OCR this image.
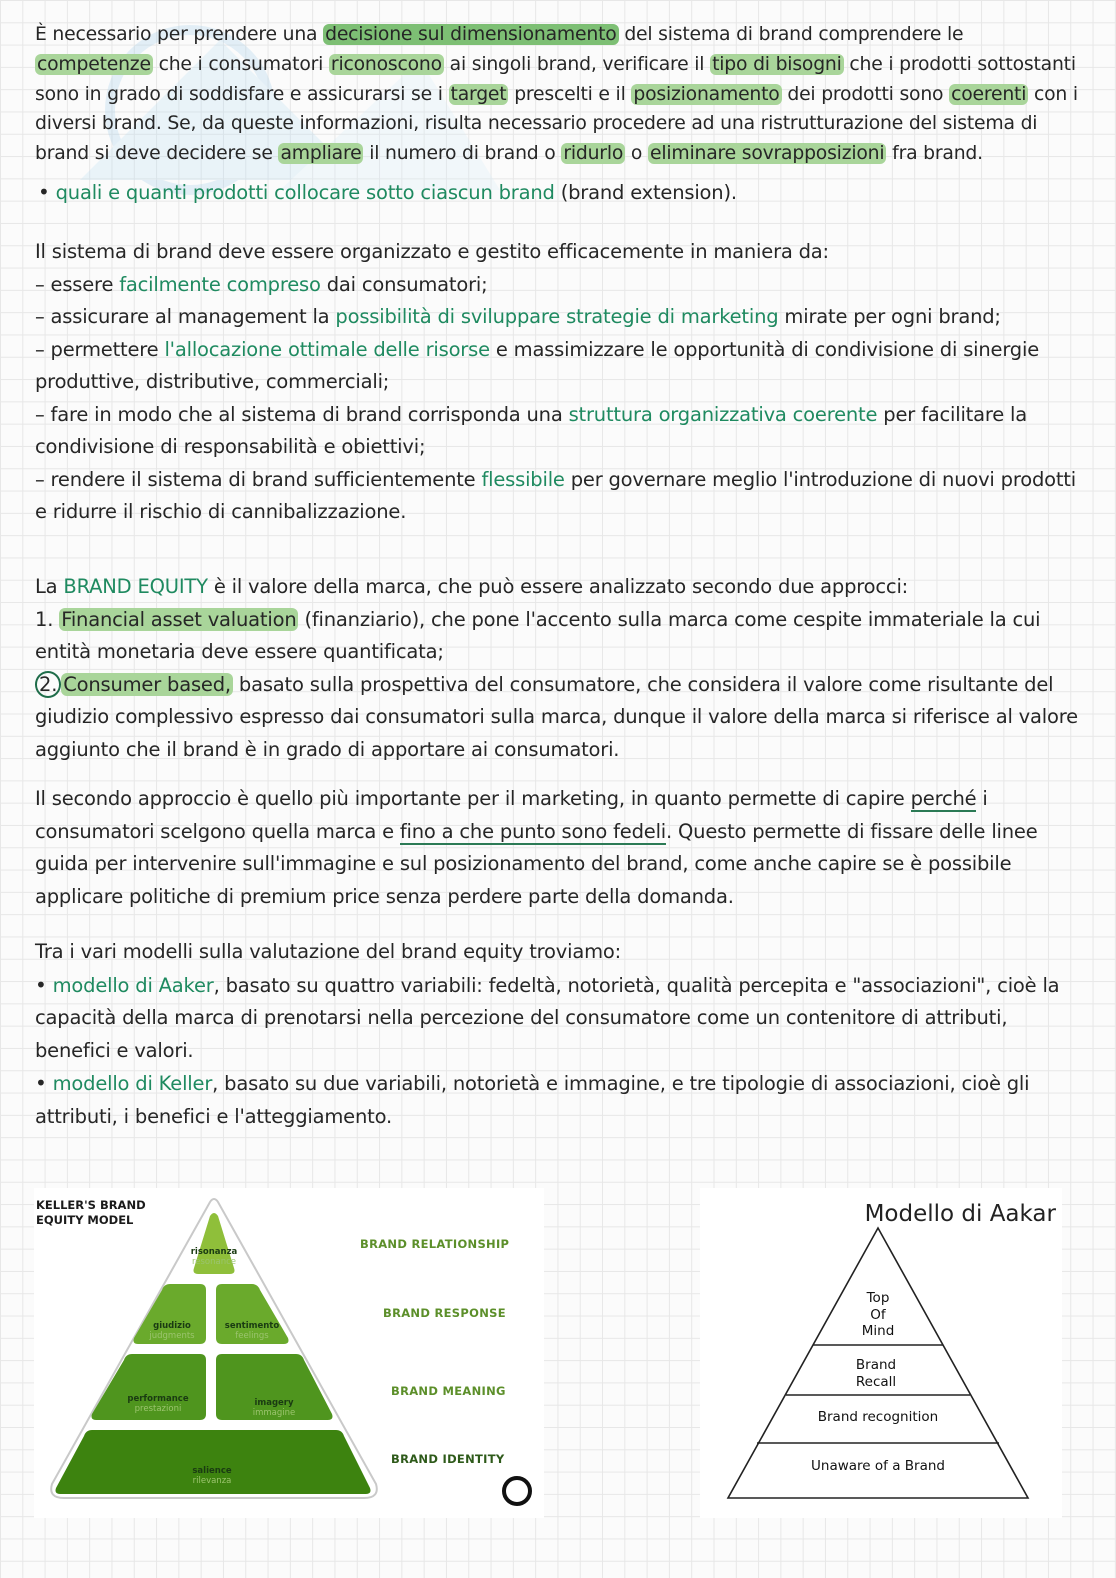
È necessario per prendere una decisione sul dimensionamento del sistema di brand comprendere le competenze che i consumatori riconoscono ai singoli brand, verificare il tipo di bisogni che i prodotti sottostanti sono in grado di soddisfare e assicurarsi se i target prescelti e il posizionamento dei prodotti sono coerenti con i diversi brand. Se, da queste informazioni, risulta necessario procedere ad una ristrutturazione del sistema di brand si deve decidere se ampliare il numero di brand o ridurlo o eliminare sovrapposizioni fra brand.

• quali e quanti prodotti collocare sotto ciascun brand (brand extension).

Il sistema di brand deve essere organizzato e gestito efficacemente in maniera da:

– essere facilmente compreso dai consumatori;

– assicurare al management la possibilità di sviluppare strategie di marketing mirate per ogni brand;

– permettere l'allocazione ottimale delle risorse e massimizzare le opportunità di condivisione di sinergie produttive, distributive, commerciali;

– fare in modo che al sistema di brand corrisponda una struttura organizzativa coerente per facilitare la condivisione di responsabilità e obiettivi;

– rendere il sistema di brand sufficientemente flessibile per governare meglio l'introduzione di nuovi prodotti e ridurre il rischio di cannibalizzazione.

La BRAND EQUITY è il valore della marca, che può essere analizzato secondo due approcci:

1. Financial asset valuation (finanziario), che pone l'accento sulla marca come cespite immateriale la cui entità monetaria deve essere quantificata;

2. Consumer based, basato sulla prospettiva del consumatore, che considera il valore come risultante del giudizio complessivo espresso dai consumatori sulla marca, dunque il valore della marca si riferisce al valore aggiunto che il brand è in grado di apportare ai consumatori.

Il secondo approccio è quello più importante per il marketing, in quanto permette di capire perché i consumatori scelgono quella marca e fino a che punto sono fedeli. Questo permette di fissare delle linee guida per intervenire sull'immagine e sul posizionamento del brand, come anche capire se è possibile applicare politiche di premium price senza perdere parte della domanda.

Tra i vari modelli sulla valutazione del brand equity troviamo:

• modello di Aaker, basato su quattro variabili: fedeltà, notorietà, qualità percepita e "associazioni", cioè la capacità della marca di prenotarsi nella percezione del consumatore come un contenitore di attributi, benefici e valori.

• modello di Keller, basato su due variabili, notorietà e immagine, e tre tipologie di associazioni, cioè gli attributi, i benefici e l'atteggiamento.

KELLER'S BRAND EQUITY MODEL
risonanza
resonance
giudizio
judgments
sentimento
feelings
performance
prestazioni
imagery
immagine
salience
rilevanza
BRAND RELATIONSHIP
BRAND RESPONSE
BRAND MEANING
BRAND IDENTITY
Modello di Aakar
Top
Of
Mind
Brand
Recall
Brand recognition
Unaware of a Brand
